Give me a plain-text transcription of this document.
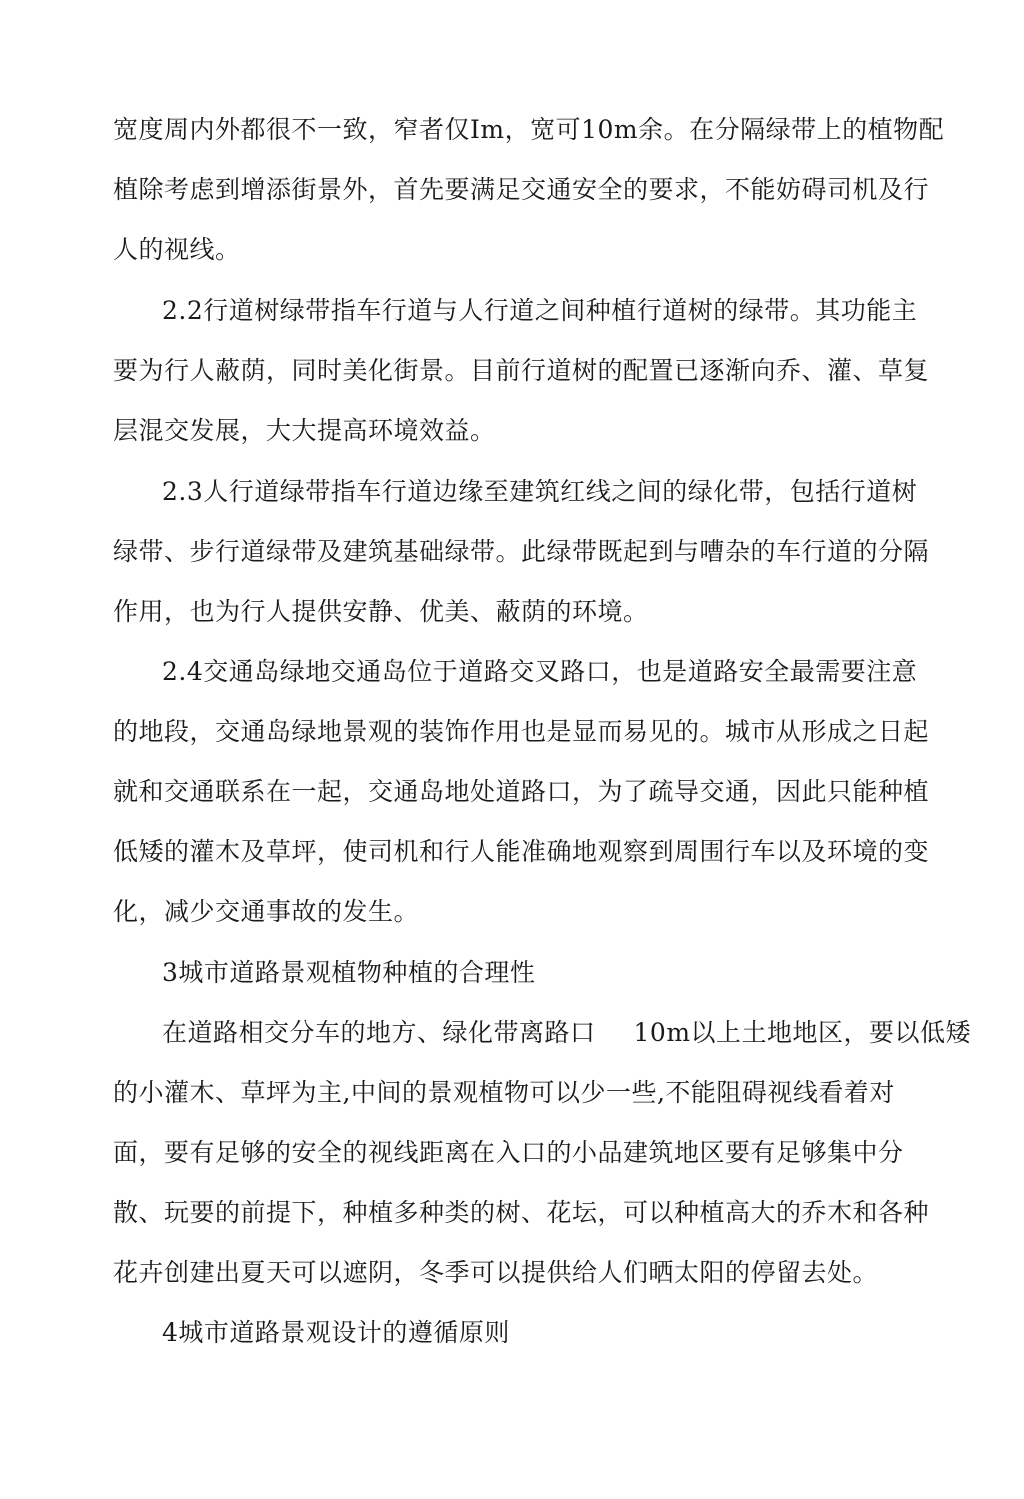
宽度周内外都很不一致，窄者仅Im，宽可10m余。在分隔绿带上的植物配
植除考虑到增添街景外，首先要满足交通安全的要求，不能妨碍司机及行
人的视线。
2.2行道树绿带指车行道与人行道之间种植行道树的绿带。其功能主
要为行人蔽荫，同时美化街景。目前行道树的配置已逐渐向乔、灌、草复
层混交发展，大大提高环境效益。
2.3人行道绿带指车行道边缘至建筑红线之间的绿化带，包括行道树
绿带、步行道绿带及建筑基础绿带。此绿带既起到与嘈杂的车行道的分隔
作用，也为行人提供安静、优美、蔽荫的环境。
2.4交通岛绿地交通岛位于道路交叉路口，也是道路安全最需要注意
的地段，交通岛绿地景观的装饰作用也是显而易见的。城市从形成之日起
就和交通联系在一起，交通岛地处道路口，为了疏导交通，因此只能种植
低矮的灌木及草坪，使司机和行人能准确地观察到周围行车以及环境的变
化，减少交通事故的发生。
3城市道路景观植物种植的合理性
在道路相交分车的地方、绿化带离路口 10m以上土地地区，要以低矮
的小灌木、草坪为主,中间的景观植物可以少一些,不能阻碍视线看着对
面，要有足够的安全的视线距离在入口的小品建筑地区要有足够集中分
散、玩要的前提下，种植多种类的树、花坛，可以种植高大的乔木和各种
花卉创建出夏天可以遮阴，冬季可以提供给人们晒太阳的停留去处。
4城市道路景观设计的遵循原则
